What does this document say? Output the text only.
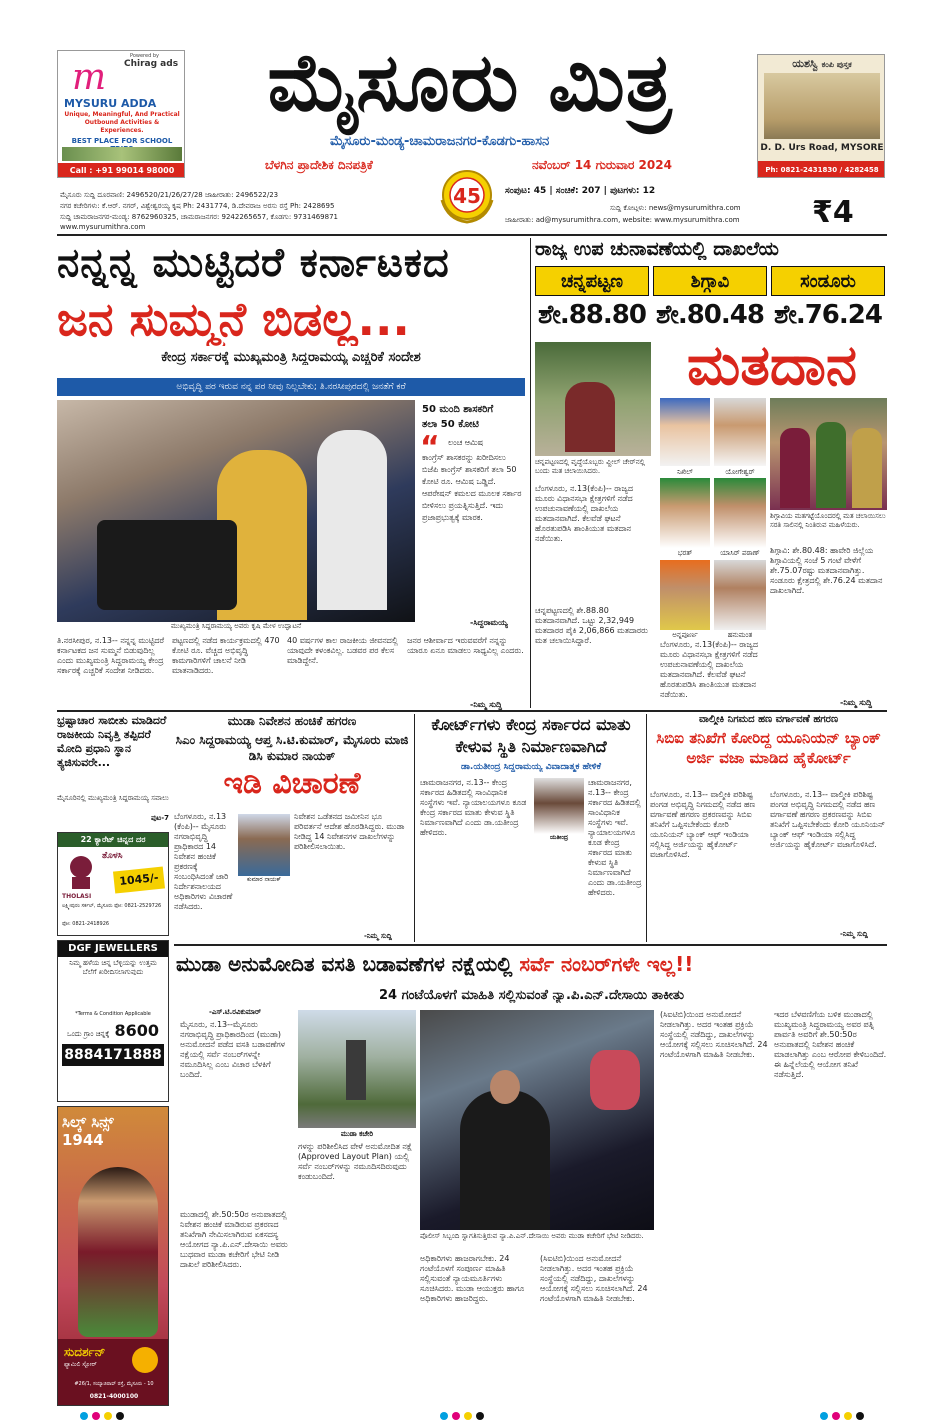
Powered by
Chirag ads
m
MYSURU ADDA
Unique, Meaningful, And Practical Outbound Activities & Experiences.
BEST PLACE FOR SCHOOL
Call : +91 99014 98000
ಮೈಸೂರು ಮಿತ್ರ
ಮೈಸೂರು-ಮಂಡ್ಯ-ಚಾಮರಾಜನಗರ-ಕೊಡಗು-ಹಾಸನ
ಬೆಳಗಿನ ಪ್ರಾದೇಶಿಕ ದಿನಪತ್ರಿಕೆ	ನವೆಂಬರ್ 14 ಗುರುವಾರ 2024
45
ಯಶಸ್ವಿ ಕಂಪಿ ಪುಸ್ತಕ
D. D. Urs Road, MYSORE
Ph: 0821-2431830 / 4282458
ಮೈಸೂರು ಸುದ್ದಿ ದೂರವಾಣಿ: 2496520/21/26/27/28 ಜಾಹೀರಾತು: 2496522/23
ನಗರ ಕಚೇರಿಗಳು: ಕೆ.ಆರ್. ನಗರ್, ವಿಶ್ವೇಶ್ವರಯ್ಯ ಕೃಷ Ph: 2431774, ಡಿ.ದೇವರಾಜ ಅರಸು ರಸ್ತೆ Ph: 2428695
ಸುದ್ದಿ ಚಾಮರಾಜನಗರ-ಮಂಡ್ಯ: 8762960325, ಚಾಮರಾಜನಗರ: 9242265657, ಕೊಡಗು: 9731469871
www.mysurumithra.com
ಸಂಪುಟ: 45 | ಸಂಚಿಕೆ: 207 | ಪುಟಗಳು: 12
ಸುದ್ದಿ ಕೋಟ್ಗಳು: news@mysurumithra.com
ಜಾಹೀರಾತು: ad@mysurumithra.com, website: www.mysurumithra.com	₹4
ನನ್ನನ್ನ ಮುಟ್ಟಿದರೆ ಕರ್ನಾಟಕದ
ಜನ ಸುಮ್ಮನೆ ಬಿಡಲ್ಲ...
ಕೇಂದ್ರ ಸರ್ಕಾರಕ್ಕೆ ಮುಖ್ಯಮಂತ್ರಿ ಸಿದ್ದರಾಮಯ್ಯ ಎಚ್ಚರಿಕೆ ಸಂದೇಶ
ಅಭಿವೃದ್ಧಿ ಪರ ಇರುವ ನನ್ನ ಪರ ನೀವು ನಿಲ್ಲಬೇಕು; ತಿ.ನರಸೀಪುರದಲ್ಲಿ ಜನತೆಗೆ ಕರೆ
ಮುಖ್ಯಮಂತ್ರಿ ಸಿದ್ದರಾಮಯ್ಯ ಅವರು ಕೃಷಿ ಮೇಳ ಉದ್ಘಾಟನೆ
50 ಮಂದಿ ಶಾಸಕರಿಗೆ
ತಲಾ 50 ಕೋಟಿ
“ ಲಂಚ ಆಮಿಷ
ಕಾಂಗ್ರೆಸ್ ಶಾಸಕರನ್ನು ಖರೀದಿಸಲು ಬಿಜೆಪಿ ಕಾಂಗ್ರೆಸ್ ಶಾಸಕರಿಗೆ ತಲಾ 50 ಕೋಟಿ ರೂ. ಆಮಿಷ ಒಡ್ಡಿದೆ. ಆಪರೇಷನ್ ಕಮಲದ ಮೂಲಕ ಸರ್ಕಾರ ಬೀಳಿಸಲು ಪ್ರಯತ್ನಿಸುತ್ತಿದೆ. ಇದು ಪ್ರಜಾಪ್ರಭುತ್ವಕ್ಕೆ ಮಾರಕ.
-ಸಿದ್ದರಾಮಯ್ಯ
ತಿ.ನರಸೀಪುರ, ನ.13-- ನನ್ನನ್ನ ಮುಟ್ಟಿದರೆ ಕರ್ನಾಟಕದ ಜನ ಸುಮ್ಮನೆ ಬಿಡುವುದಿಲ್ಲ ಎಂದು ಮುಖ್ಯಮಂತ್ರಿ ಸಿದ್ದರಾಮಯ್ಯ ಕೇಂದ್ರ ಸರ್ಕಾರಕ್ಕೆ ಎಚ್ಚರಿಕೆ ಸಂದೇಶ ನೀಡಿದರು.
ಪಟ್ಟಣದಲ್ಲಿ ನಡೆದ ಕಾರ್ಯಕ್ರಮದಲ್ಲಿ 470 ಕೋಟಿ ರೂ. ವೆಚ್ಚದ ಅಭಿವೃದ್ಧಿ ಕಾಮಗಾರಿಗಳಿಗೆ ಚಾಲನೆ ನೀಡಿ ಮಾತನಾಡಿದರು.
40 ವರ್ಷಗಳ ಕಾಲ ರಾಜಕೀಯ ಜೀವನದಲ್ಲಿ ಯಾವುದೇ ಕಳಂಕವಿಲ್ಲ. ಬಡವರ ಪರ ಕೆಲಸ ಮಾಡಿದ್ದೇನೆ.
ಜನರ ಆಶೀರ್ವಾದ ಇರುವವರೆಗೆ ನನ್ನನ್ನು ಯಾರೂ ಏನೂ ಮಾಡಲು ಸಾಧ್ಯವಿಲ್ಲ ಎಂದರು.
-ನಿಮ್ಮ ಸುದ್ದಿ
ರಾಜ್ಯ ಉಪ ಚುನಾವಣೆಯಲ್ಲಿ ದಾಖಲೆಯ
ಚನ್ನಪಟ್ಟಣ
ಶೇ.88.80
ಶಿಗ್ಗಾವಿ
ಶೇ.80.48
ಸಂಡೂರು
ಶೇ.76.24
ಚನ್ನಪಟ್ಟಣದಲ್ಲಿ ವೃದ್ಧೆಯೊಬ್ಬರು ವ್ಹೀಲ್ ಚೇರ್‌ನಲ್ಲಿ ಬಂದು ಮತ ಚಲಾಯಿಸಿದರು.
ಮತದಾನ
ನಿಖಿಲ್	ಯೋಗೇಶ್ವರ್
ಭರತ್	ಯಾಸಿರ್ ಪಠಾಣ್
ಅನ್ನಪೂರ್ಣ	ಹನುಮಂತ
ಶಿಗ್ಗಾವಿಯ ಮತಗಟ್ಟೆಯೊಂದರಲ್ಲಿ ಮತ ಚಲಾಯಿಸಲು ಸರತಿ ಸಾಲಿನಲ್ಲಿ ನಿಂತಿರುವ ಮಹಿಳೆಯರು.
ಬೆಂಗಳೂರು, ನ.13(ಕೆಂಪಿ)-- ರಾಜ್ಯದ ಮೂರು ವಿಧಾನಸಭಾ ಕ್ಷೇತ್ರಗಳಿಗೆ ನಡೆದ ಉಪಚುನಾವಣೆಯಲ್ಲಿ ದಾಖಲೆಯ ಮತದಾನವಾಗಿದೆ. ಕೆಲವೆಡೆ ಘಟನೆ ಹೊರತುಪಡಿಸಿ ಶಾಂತಿಯುತ ಮತದಾನ ನಡೆಯಿತು.
ಚನ್ನಪಟ್ಟಣದಲ್ಲಿ ಶೇ.88.80 ಮತದಾನವಾಗಿದೆ. ಒಟ್ಟು 2,32,949 ಮತದಾರರ ಪೈಕಿ 2,06,866 ಮತದಾರರು ಮತ ಚಲಾಯಿಸಿದ್ದಾರೆ.
ಶಿಗ್ಗಾವಿ: ಶೇ.80.48: ಹಾವೇರಿ ಜಿಲ್ಲೆಯ ಶಿಗ್ಗಾವಿಯಲ್ಲಿ ಸಂಜೆ 5 ಗಂಟೆ ವೇಳೆಗೆ ಶೇ.75.07ರಷ್ಟು ಮತದಾನವಾಗಿತ್ತು. ಸಂಡೂರು ಕ್ಷೇತ್ರದಲ್ಲಿ ಶೇ.76.24 ಮತದಾನ ದಾಖಲಾಗಿದೆ.
ಬೆಂಗಳೂರು, ನ.13(ಕೆಂಪಿ)-- ರಾಜ್ಯದ ಮೂರು ವಿಧಾನಸಭಾ ಕ್ಷೇತ್ರಗಳಿಗೆ ನಡೆದ ಉಪಚುನಾವಣೆಯಲ್ಲಿ ದಾಖಲೆಯ ಮತದಾನವಾಗಿದೆ. ಕೆಲವೆಡೆ ಘಟನೆ ಹೊರತುಪಡಿಸಿ ಶಾಂತಿಯುತ ಮತದಾನ ನಡೆಯಿತು.
-ನಿಮ್ಮ ಸುದ್ದಿ
ಭ್ರಷ್ಟಾಚಾರ ಸಾಬೀತು ಮಾಡಿದರೆ ರಾಜಕೀಯ ನಿವೃತ್ತಿ ತಪ್ಪಿದರೆ ಮೋದಿ ಪ್ರಧಾನಿ ಸ್ಥಾನ ತ್ಯಜಿಸುವರೇ...
ಮೈಸೂರಿನಲ್ಲಿ ಮುಖ್ಯಮಂತ್ರಿ ಸಿದ್ದರಾಮಯ್ಯ ಸವಾಲು
ಪುಟ-7
22 ಕ್ಯಾರೆಟ್ ಚಿನ್ನದ ದರ
ತೊಳಸಿ
THOLASI
1045/-
ಲಕ್ಷ್ಮೀಪುರಂ ಸರ್ಕಲ್, ಮೈಸೂರು ಫೋ: 0821-2529726
ಫೋ: 0821-2418926
ಮುಡಾ ನಿವೇಶನ ಹಂಚಿಕೆ ಹಗರಣ
ಸಿಎಂ ಸಿದ್ದರಾಮಯ್ಯ ಆಪ್ತ ಸಿ.ಟಿ.ಕುಮಾರ್, ಮೈಸೂರು ಮಾಜಿ ಡಿಸಿ ಕುಮಾರ ನಾಯಕ್
ಇಡಿ ವಿಚಾರಣೆ
ಬೆಂಗಳೂರು, ನ.13 (ಕೆಂಪಿ)-- ಮೈಸೂರು ನಗರಾಭಿವೃದ್ಧಿ ಪ್ರಾಧಿಕಾರದ 14 ನಿವೇಶನ ಹಂಚಿಕೆ ಪ್ರಕರಣಕ್ಕೆ ಸಂಬಂಧಿಸಿದಂತೆ ಜಾರಿ ನಿರ್ದೇಶನಾಲಯದ ಅಧಿಕಾರಿಗಳು ವಿಚಾರಣೆ ನಡೆಸಿದರು.
ಕುಮಾರ ನಾಯಕ್
ನಿವೇಶನ ಒಡೆತನದ ಜಮೀನಿನ ಭೂ ಪರಿವರ್ತನೆ ಆದೇಶ ಹೊರಡಿಸಿದ್ದರು. ಮುಡಾ ನೀಡಿದ್ದ 14 ನಿವೇಶನಗಳ ದಾಖಲೆಗಳನ್ನು ಪರಿಶೀಲಿಸಲಾಯಿತು.
-ನಿಮ್ಮ ಸುದ್ದಿ
ಕೋರ್ಟ್‌ಗಳು ಕೇಂದ್ರ ಸರ್ಕಾರದ ಮಾತು ಕೇಳುವ ಸ್ಥಿತಿ ನಿರ್ಮಾಣವಾಗಿದೆ
ಡಾ.ಯತೀಂದ್ರ ಸಿದ್ದರಾಮಯ್ಯ ವಿವಾದಾತ್ಮಕ ಹೇಳಿಕೆ
ಚಾಮರಾಜನಗರ, ನ.13-- ಕೇಂದ್ರ ಸರ್ಕಾರದ ಹಿಡಿತದಲ್ಲಿ ಸಾಂವಿಧಾನಿಕ ಸಂಸ್ಥೆಗಳು ಇವೆ. ನ್ಯಾಯಾಲಯಗಳೂ ಕೂಡ ಕೇಂದ್ರ ಸರ್ಕಾರದ ಮಾತು ಕೇಳುವ ಸ್ಥಿತಿ ನಿರ್ಮಾಣವಾಗಿದೆ ಎಂದು ಡಾ.ಯತೀಂದ್ರ ಹೇಳಿದರು.
ಯತೀಂದ್ರ
ಚಾಮರಾಜನಗರ, ನ.13-- ಕೇಂದ್ರ ಸರ್ಕಾರದ ಹಿಡಿತದಲ್ಲಿ ಸಾಂವಿಧಾನಿಕ ಸಂಸ್ಥೆಗಳು ಇವೆ. ನ್ಯಾಯಾಲಯಗಳೂ ಕೂಡ ಕೇಂದ್ರ ಸರ್ಕಾರದ ಮಾತು ಕೇಳುವ ಸ್ಥಿತಿ ನಿರ್ಮಾಣವಾಗಿದೆ ಎಂದು ಡಾ.ಯತೀಂದ್ರ ಹೇಳಿದರು.
ವಾಲ್ಮೀಕಿ ನಿಗಮದ ಹಣ ವರ್ಗಾವಣೆ ಹಗರಣ
ಸಿಬಿಐ ತನಿಖೆಗೆ ಕೋರಿದ್ದ ಯೂನಿಯನ್ ಬ್ಯಾಂಕ್ ಅರ್ಜಿ ವಜಾ ಮಾಡಿದ ಹೈಕೋರ್ಟ್
ಬೆಂಗಳೂರು, ನ.13-- ವಾಲ್ಮೀಕಿ ಪರಿಶಿಷ್ಟ ಪಂಗಡ ಅಭಿವೃದ್ಧಿ ನಿಗಮದಲ್ಲಿ ನಡೆದ ಹಣ ವರ್ಗಾವಣೆ ಹಗರಣ ಪ್ರಕರಣವನ್ನು ಸಿಬಿಐ ತನಿಖೆಗೆ ಒಪ್ಪಿಸಬೇಕೆಂದು ಕೋರಿ ಯೂನಿಯನ್ ಬ್ಯಾಂಕ್ ಆಫ್ ಇಂಡಿಯಾ ಸಲ್ಲಿಸಿದ್ದ ಅರ್ಜಿಯನ್ನು ಹೈಕೋರ್ಟ್ ವಜಾಗೊಳಿಸಿದೆ.
ಬೆಂಗಳೂರು, ನ.13-- ವಾಲ್ಮೀಕಿ ಪರಿಶಿಷ್ಟ ಪಂಗಡ ಅಭಿವೃದ್ಧಿ ನಿಗಮದಲ್ಲಿ ನಡೆದ ಹಣ ವರ್ಗಾವಣೆ ಹಗರಣ ಪ್ರಕರಣವನ್ನು ಸಿಬಿಐ ತನಿಖೆಗೆ ಒಪ್ಪಿಸಬೇಕೆಂದು ಕೋರಿ ಯೂನಿಯನ್ ಬ್ಯಾಂಕ್ ಆಫ್ ಇಂಡಿಯಾ ಸಲ್ಲಿಸಿದ್ದ ಅರ್ಜಿಯನ್ನು ಹೈಕೋರ್ಟ್ ವಜಾಗೊಳಿಸಿದೆ.
-ನಿಮ್ಮ ಸುದ್ದಿ
DGF JEWELLERS
ನಿಮ್ಮ ಹಳೆಯ ಚಿನ್ನ ಬೆಳ್ಳಿಯನ್ನು ಉತ್ತಮ ಬೆಲೆಗೆ ಖರೀದಿಸಲಾಗುವುದು
*Terms & Condition Applicable
ಒಂದು ಗ್ರಾಂ ಚಿನ್ನಕ್ಕೆ 8600
8884171888
ಸಿಲ್ಕ್ ಸಿನ್ಸ್
1944
ಸುದರ್ಶನ್
ಫ್ಯಾಮಿಲಿ ಸ್ಟೋರ್
#26/1, ಸಯ್ಯಾಜಿರಾವ್ ರಸ್ತೆ, ಮೈಸೂರು - 10
0821-4000100
ಮುಡಾ ಅನುಮೋದಿತ ವಸತಿ ಬಡಾವಣೆಗಳ ನಕ್ಷೆಯಲ್ಲಿ ಸರ್ವೆ ನಂಬರ್‌ಗಳೇ ಇಲ್ಲ!!
24 ಗಂಟೆಯೊಳಗೆ ಮಾಹಿತಿ ಸಲ್ಲಿಸುವಂತೆ ನ್ಯಾ.ಪಿ.ಎನ್.ದೇಸಾಯಿ ತಾಕೀತು
-ಎಸ್.ಟಿ.ರವಿಕುಮಾರ್
ಮೈಸೂರು, ನ.13--ಮೈಸೂರು ನಗರಾಭಿವೃದ್ಧಿ ಪ್ರಾಧಿಕಾರದಿಂದ (ಮುಡಾ) ಅನುಮೋದನೆ ಪಡೆದ ವಸತಿ ಬಡಾವಣೆಗಳ ನಕ್ಷೆಯಲ್ಲಿ ಸರ್ವೆ ನಂಬರ್‌ಗಳನ್ನೇ ನಮೂದಿಸಿಲ್ಲ ಎಂಬ ವಿಚಾರ ಬೆಳಕಿಗೆ ಬಂದಿದೆ.
ಮುಡಾದಲ್ಲಿ ಶೇ.50:50ರ ಅನುಪಾತದಲ್ಲಿ ನಿವೇಶನ ಹಂಚಿಕೆ ಮಾಡಿರುವ ಪ್ರಕರಣದ ತನಿಖೆಗಾಗಿ ನೇಮಿಸಲಾಗಿರುವ ಏಕಸದಸ್ಯ ಆಯೋಗದ ನ್ಯಾ.ಪಿ.ಎನ್.ದೇಸಾಯಿ ಅವರು ಬುಧವಾರ ಮುಡಾ ಕಚೇರಿಗೆ ಭೇಟಿ ನೀಡಿ ದಾಖಲೆ ಪರಿಶೀಲಿಸಿದರು.
ಮುಡಾ ಕಚೇರಿ
ಗಳನ್ನು ಪರಿಶೀಲಿಸಿದ ವೇಳೆ ಅನುಮೋದಿತ ನಕ್ಷೆ (Approved Layout Plan) ಯಲ್ಲಿ ಸರ್ವೆ ನಂಬರ್‌ಗಳನ್ನು ನಮೂದಿಸದಿರುವುದು ಕಂಡುಬಂದಿದೆ.
ಪೊಲೀಸ್ ಸಿಬ್ಬಂದಿ ಸ್ವಾಗತಿಸುತ್ತಿರುವ ನ್ಯಾ.ಪಿ.ಎನ್.ದೇಸಾಯಿ ಅವರು ಮುಡಾ ಕಚೇರಿಗೆ ಭೇಟಿ ನೀಡಿದರು.
ಅಧಿಕಾರಿಗಳು ಹಾಜರಾಗಬೇಕು. 24 ಗಂಟೆಯೊಳಗೆ ಸಂಪೂರ್ಣ ಮಾಹಿತಿ ಸಲ್ಲಿಸುವಂತೆ ನ್ಯಾಯಮೂರ್ತಿಗಳು ಸೂಚಿಸಿದರು. ಮುಡಾ ಆಯುಕ್ತರು ಹಾಗೂ ಅಧಿಕಾರಿಗಳು ಹಾಜರಿದ್ದರು.
(ಸಿಐಟಿಬಿ)ಯಿಂದ ಅನುಮೋದನೆ ನೀಡಲಾಗಿತ್ತು. ಅದರ ಇಂತಹ ಪ್ರಕ್ರಿಯೆ ಸಂಸ್ಥೆಯಲ್ಲಿ ನಡೆದಿದ್ದು, ದಾಖಲೆಗಳನ್ನು ಆಯೋಗಕ್ಕೆ ಸಲ್ಲಿಸಲು ಸೂಚಿಸಲಾಗಿದೆ. 24 ಗಂಟೆಯೊಳಗಾಗಿ ಮಾಹಿತಿ ನೀಡಬೇಕು.
(ಸಿಐಟಿಬಿ)ಯಿಂದ ಅನುಮೋದನೆ ನೀಡಲಾಗಿತ್ತು. ಅದರ ಇಂತಹ ಪ್ರಕ್ರಿಯೆ ಸಂಸ್ಥೆಯಲ್ಲಿ ನಡೆದಿದ್ದು, ದಾಖಲೆಗಳನ್ನು ಆಯೋಗಕ್ಕೆ ಸಲ್ಲಿಸಲು ಸೂಚಿಸಲಾಗಿದೆ. 24 ಗಂಟೆಯೊಳಗಾಗಿ ಮಾಹಿತಿ ನೀಡಬೇಕು.
ಇದರ ಬೆಳವಣಿಗೆಯ ಬಳಿಕ ಮುಡಾದಲ್ಲಿ ಮುಖ್ಯಮಂತ್ರಿ ಸಿದ್ದರಾಮಯ್ಯ ಅವರ ಪತ್ನಿ ಪಾರ್ವತಿ ಅವರಿಗೆ ಶೇ.50:50ರ ಅನುಪಾತದಲ್ಲಿ ನಿವೇಶನ ಹಂಚಿಕೆ ಮಾಡಲಾಗಿತ್ತು ಎಂಬ ಆರೋಪ ಕೇಳಿಬಂದಿದೆ. ಈ ಹಿನ್ನೆಲೆಯಲ್ಲಿ ಆಯೋಗ ತನಿಖೆ ನಡೆಸುತ್ತಿದೆ.
